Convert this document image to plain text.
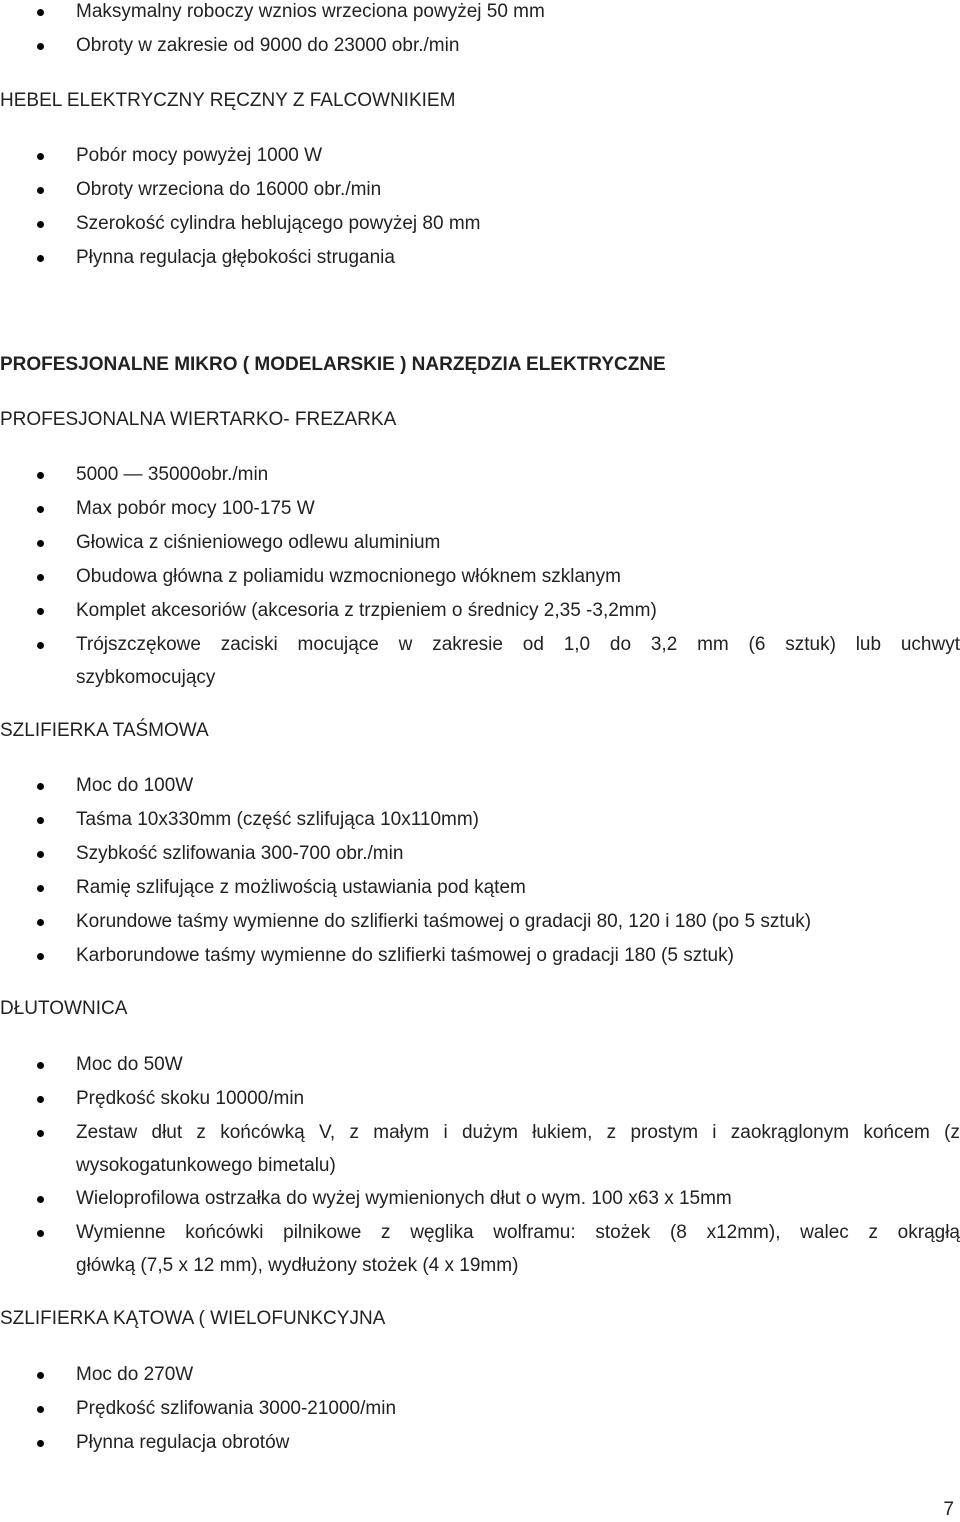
Maksymalny roboczy wznios wrzeciona powyżej 50 mm
Obroty w zakresie od 9000 do 23000 obr./min
HEBEL ELEKTRYCZNY RĘCZNY Z FALCOWNIKIEM
Pobór mocy powyżej 1000 W
Obroty wrzeciona do 16000 obr./min
Szerokość cylindra heblującego powyżej 80 mm
Płynna regulacja głębokości strugania
PROFESJONALNE MIKRO ( MODELARSKIE ) NARZĘDZIA ELEKTRYCZNE
PROFESJONALNA WIERTARKO- FREZARKA
5000 — 35000obr./min
Max pobór mocy 100-175 W
Głowica z ciśnieniowego odlewu aluminium
Obudowa główna z poliamidu wzmocnionego włóknem szklanym
Komplet akcesoriów (akcesoria z trzpieniem o średnicy 2,35 -3,2mm)
Trójszczękowe zaciski mocujące w zakresie od 1,0 do 3,2 mm (6 sztuk) lub uchwyt
szybkomocujący
SZLIFIERKA TAŚMOWA
Moc do 100W
Taśma 10x330mm (część szlifująca 10x110mm)
Szybkość szlifowania 300-700 obr./min
Ramię szlifujące z możliwością ustawiania pod kątem
Korundowe taśmy wymienne do szlifierki taśmowej o gradacji 80, 120 i 180 (po 5 sztuk)
Karborundowe taśmy wymienne do szlifierki taśmowej o gradacji 180 (5 sztuk)
DŁUTOWNICA
Moc do 50W
Prędkość skoku 10000/min
Zestaw dłut z końcówką V, z małym i dużym łukiem, z prostym i zaokrąglonym końcem (z
wysokogatunkowego bimetalu)
Wieloprofilowa ostrzałka do wyżej wymienionych dłut o wym. 100 x63 x 15mm
Wymienne końcówki pilnikowe z węglika wolframu: stożek (8 x12mm), walec z okrągłą
główką (7,5 x 12 mm), wydłużony stożek (4 x 19mm)
SZLIFIERKA KĄTOWA ( WIELOFUNKCYJNA
Moc do 270W
Prędkość szlifowania 3000-21000/min
Płynna regulacja obrotów
7
